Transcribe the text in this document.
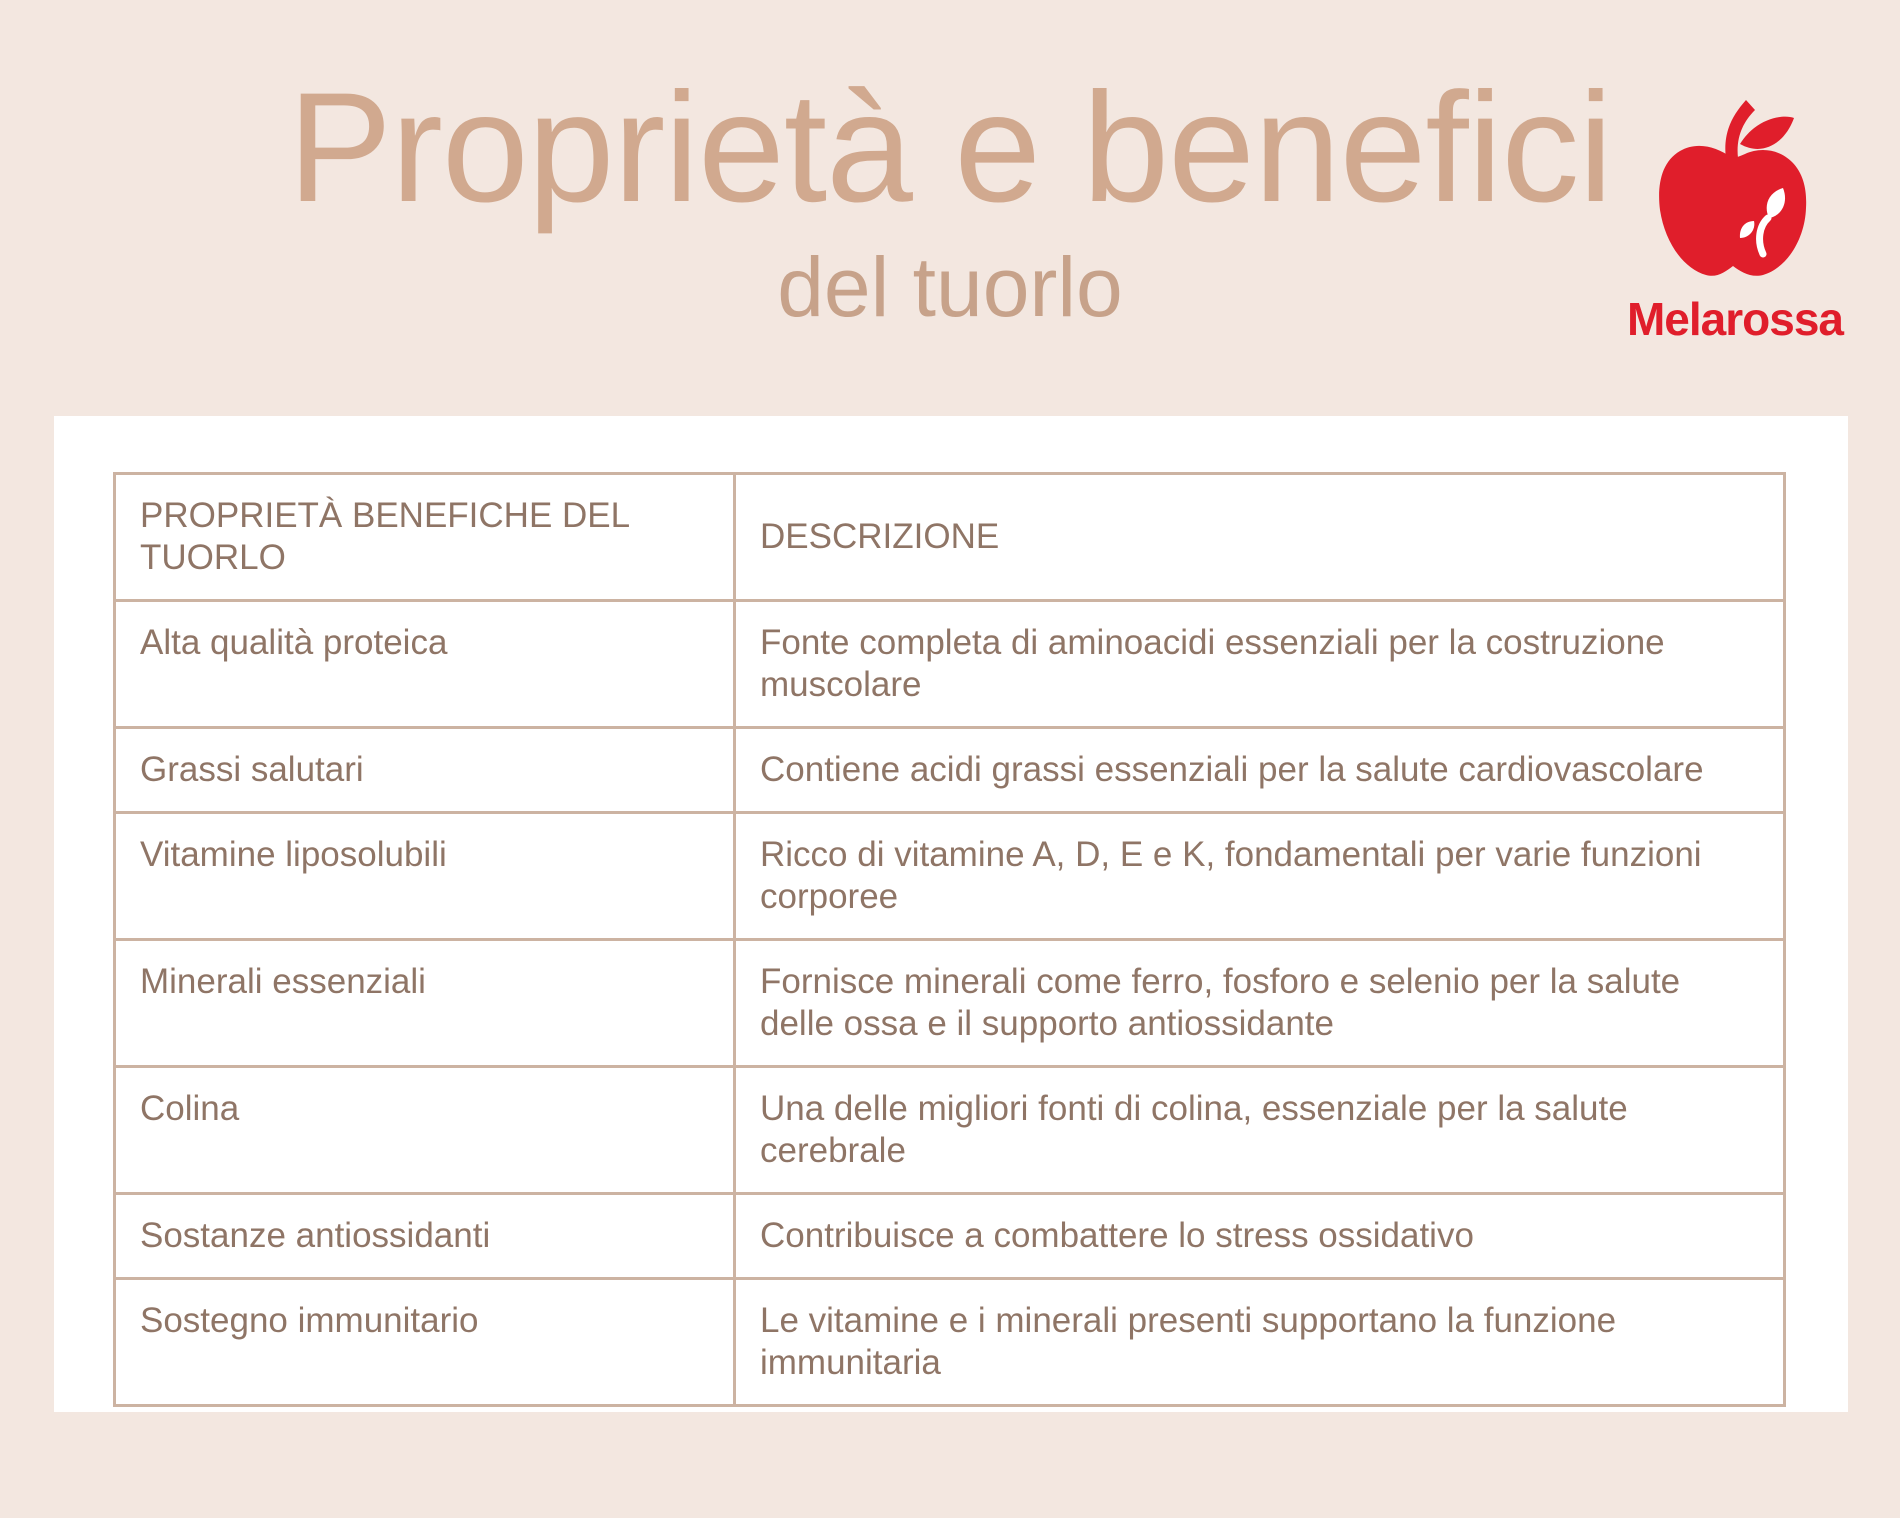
Proprietà e benefici
del tuorlo	Melarossa
PROPRIETÀ BENEFICHE DEL TUORLO	DESCRIZIONE
Alta qualità proteica	Fonte completa di aminoacidi essenziali per la costruzione muscolare
Grassi salutari	Contiene acidi grassi essenziali per la salute cardiovascolare
Vitamine liposolubili	Ricco di vitamine A, D, E e K, fondamentali per varie funzioni corporee
Minerali essenziali	Fornisce minerali come ferro, fosforo e selenio per la salute delle ossa e il supporto antiossidante
Colina	Una delle migliori fonti di colina, essenziale per la salute cerebrale
Sostanze antiossidanti	Contribuisce a combattere lo stress ossidativo
Sostegno immunitario	Le vitamine e i minerali presenti supportano la funzione immunitaria
